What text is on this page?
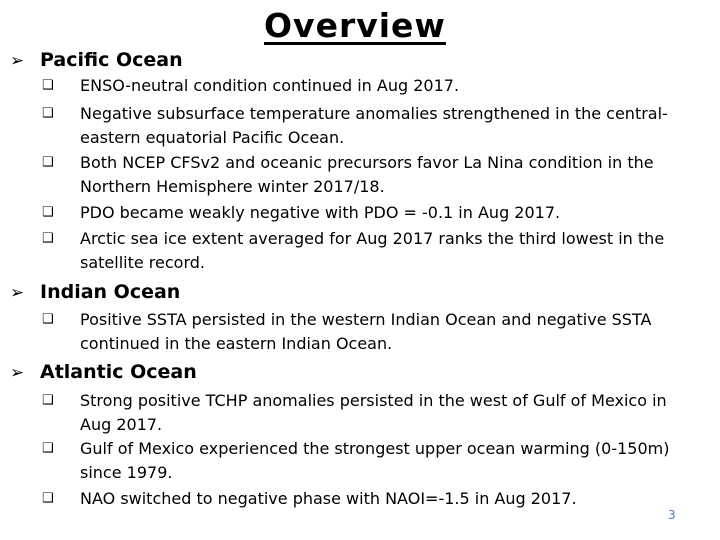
Overview
➢ Pacific Ocean
❑ ENSO-neutral condition continued in Aug 2017.
❑ Negative subsurface temperature anomalies strengthened in the central-eastern equatorial Pacific Ocean.
❑ Both NCEP CFSv2 and oceanic precursors favor La Nina condition in the Northern Hemisphere winter 2017/18.
❑ PDO became weakly negative with PDO = -0.1 in Aug 2017.
❑ Arctic sea ice extent averaged for Aug 2017 ranks the third lowest in the satellite record.
➢ Indian Ocean
❑ Positive SSTA persisted in the western Indian Ocean and negative SSTA continued in the eastern Indian Ocean.
➢ Atlantic Ocean
❑ Strong positive TCHP anomalies persisted in the west of Gulf of Mexico in Aug 2017.
❑ Gulf of Mexico experienced the strongest upper ocean warming (0-150m) since 1979.
❑ NAO switched to negative phase with NAOI=-1.5 in Aug 2017.
3
